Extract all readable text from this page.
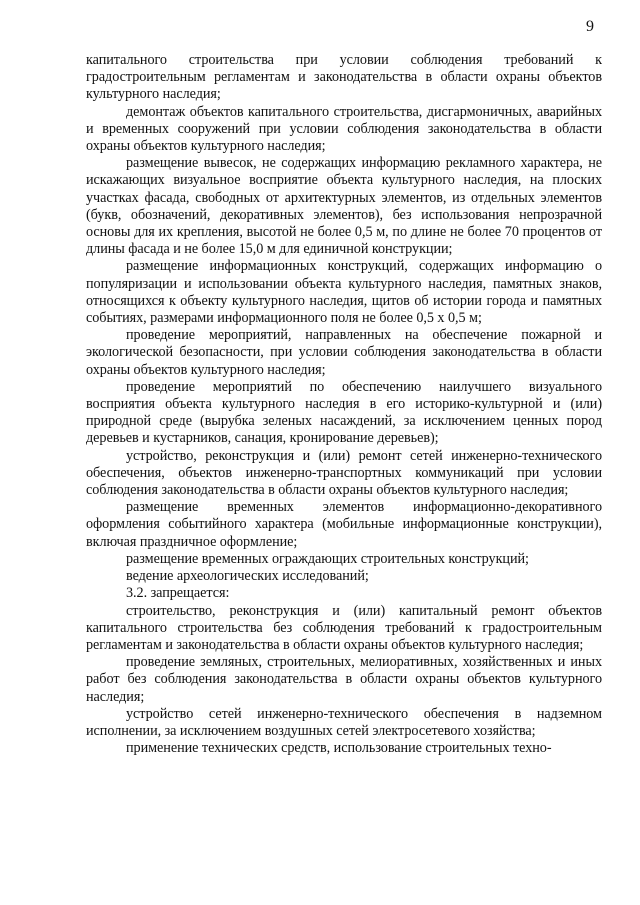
9

капитального строительства при условии соблюдения требований к градостроительным регламентам и законодательства в области охраны объектов культурного наследия;

демонтаж объектов капитального строительства, дисгармоничных, аварийных и временных сооружений при условии соблюдения законодательства в области охраны объектов культурного наследия;

размещение вывесок, не содержащих информацию рекламного характера, не искажающих визуальное восприятие объекта культурного наследия, на плоских участках фасада, свободных от архитектурных элементов, из отдельных элементов (букв, обозначений, декоративных элементов), без использования непрозрачной основы для их крепления, высотой не более 0,5 м, по длине не более 70 процентов от длины фасада и не более 15,0 м для единичной конструкции;

размещение информационных конструкций, содержащих информацию о популяризации и использовании объекта культурного наследия, памятных знаков, относящихся к объекту культурного наследия, щитов об истории города и памятных событиях, размерами информационного поля не более 0,5 х 0,5 м;

проведение мероприятий, направленных на обеспечение пожарной и экологической безопасности, при условии соблюдения законодательства в области охраны объектов культурного наследия;

проведение мероприятий по обеспечению наилучшего визуального восприятия объекта культурного наследия в его историко-культурной и (или) природной среде (вырубка зеленых насаждений, за исключением ценных пород деревьев и кустарников, санация, кронирование деревьев);

устройство, реконструкция и (или) ремонт сетей инженерно-технического обеспечения, объектов инженерно-транспортных коммуникаций при условии соблюдения законодательства в области охраны объектов культурного наследия;

размещение временных элементов информационно-декоративного оформления событийного характера (мобильные информационные конструкции), включая праздничное оформление;

размещение временных ограждающих строительных конструкций;

ведение археологических исследований;

3.2. запрещается:

строительство, реконструкция и (или) капитальный ремонт объектов капитального строительства без соблюдения требований к градостроительным регламентам и законодательства в области охраны объектов культурного наследия;

проведение земляных, строительных, мелиоративных, хозяйственных и иных работ без соблюдения законодательства в области охраны объектов культурного наследия;

устройство сетей инженерно-технического обеспечения в надземном исполнении, за исключением воздушных сетей электросетевого хозяйства;

применение технических средств, использование строительных техно-
